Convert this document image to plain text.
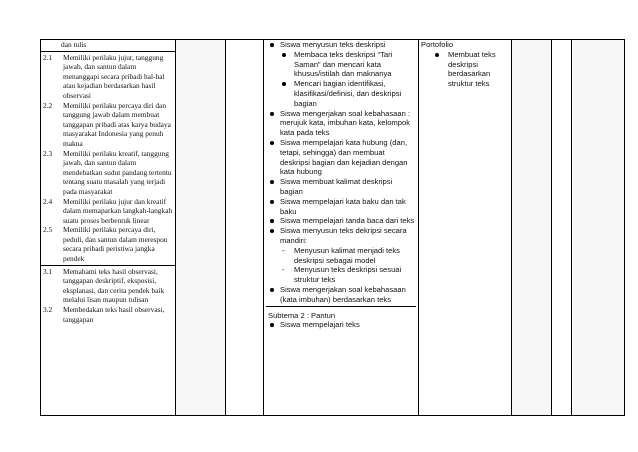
dan tulis
2.1 Memiliki perilaku jujur, tanggung jawab, dan santun dalam menanggapi secara pribadi hal-hal atau kejadian berdasarkan hasil observasi
2.2 Memiliki perilaku percaya diri dan tanggung jawab dalam membuat tanggapan pribadi atas karya budaya masyarakat Indonesia yang penuh makna
2.3 Memiliki perilaku kreatif, tanggung jawab, dan santun dalam mendebatkan sudut pandang tertentu tentang suatu masalah yang terjadi pada masyarakat
2.4 Memiliki perilaku jujur dan kreatif dalam memaparkan langkah-langkah suatu proses berbentuk linear
2.5 Memiliki perilaku percaya diri, peduli, dan santun dalam merespon secara pribadi peristiwa jangka pendek
3.1 Memahami teks hasil observasi, tanggapan deskriptif, eksposisi, eksplanasi, dan cerita pendek baik melalui lisan maupun tulisan
3.2 Membedakan teks hasil observasi, tanggapan

Siswa menyusun teks deskripsi
Membaca teks deskripsi “Tari Saman” dan mencari kata khusus/istilah dan maknanya
Mencari bagian identifikasi, klasifikasi/definisi, dan deskripsi bagian
Siswa mengerjakan soal kebahasaan : merujuk kata, imbuhan kata, kelompok kata pada teks
Siswa mempelajari kata hubung (dan, tetapi, sehingga) dan membuat deskripsi bagian dan kejadian dengan kata hubung
Siswa membuat kalimat deskripsi bagian
Siswa mempelajari kata baku dan tak baku
Siswa mempelajari tanda baca dari teks
Siswa menyusun teks dekripsi secara mandiri:
- Menyusun kalimat menjadi teks deskripsi sebagai model
- Menyusun teks deskripsi sesuai struktur teks
Siswa mengerjakan soal kebahasaan (kata imbuhan) berdasarkan teks
Subtema 2 : Pantun
Siswa mempelajari teks

Portofolio
Membuat teks deskripsi berdasarkan struktur teks
